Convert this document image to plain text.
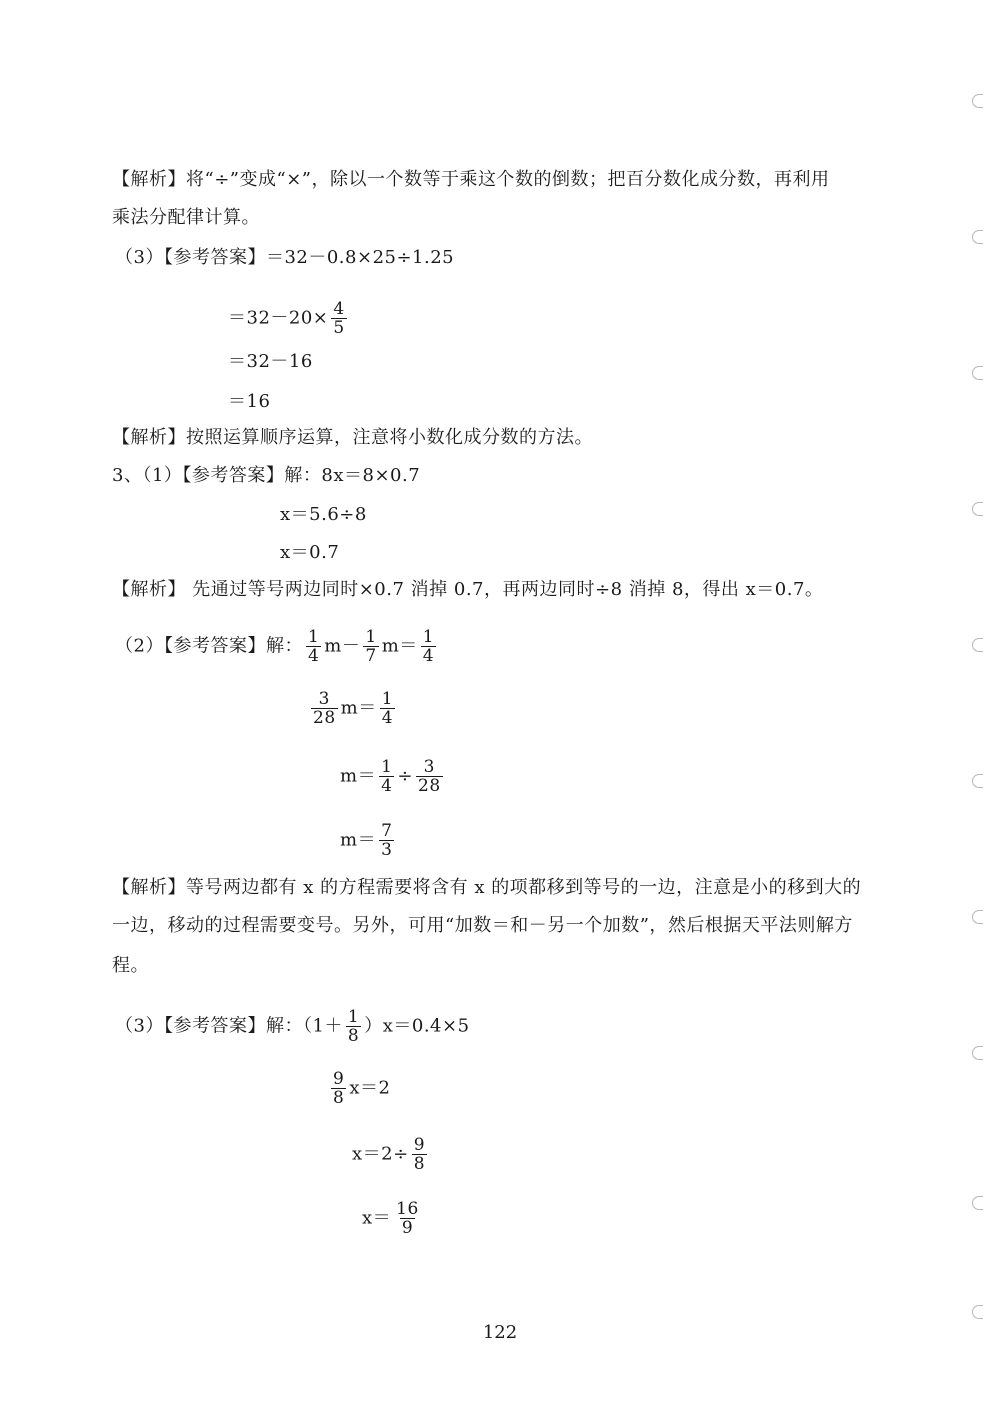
【解析】将“÷”变成“×”，除以一个数等于乘这个数的倒数；把百分数化成分数，再利用
乘法分配律计算。
（3）【参考答案】＝32－0.8×25÷1.25
$=32-20\times \frac{4}{5}$
＝32－16
＝16
【解析】按照运算顺序运算，注意将小数化成分数的方法。
3、（1）【参考答案】解：8x＝8×0.7
x＝5.6÷8
x＝0.7
【解析】 先通过等号两边同时×0.7 消掉 0.7，再两边同时÷8 消掉 8，得出 x＝0.7。
（2）【参考答案】解： $\frac{1}{4} m- \frac{1}{7} m= \frac{1}{4}$
$\frac{3}{28} m= \frac{1}{4}$
$m= \frac{1}{4} \div \frac{3}{28}$
$m= \frac{7}{3}$
【解析】等号两边都有 x 的方程需要将含有 x 的项都移到等号的一边，注意是小的移到大的
一边，移动的过程需要变号。另外，可用“加数＝和－另一个加数”，然后根据天平法则解方
程。
（3）【参考答案】解：$(1+ \frac{1}{8} )x=0.4\times 5$
$\frac{9}{8} x=2$
$x=2\div \frac{9}{8}$
$x= \frac{16}{9}$
122
